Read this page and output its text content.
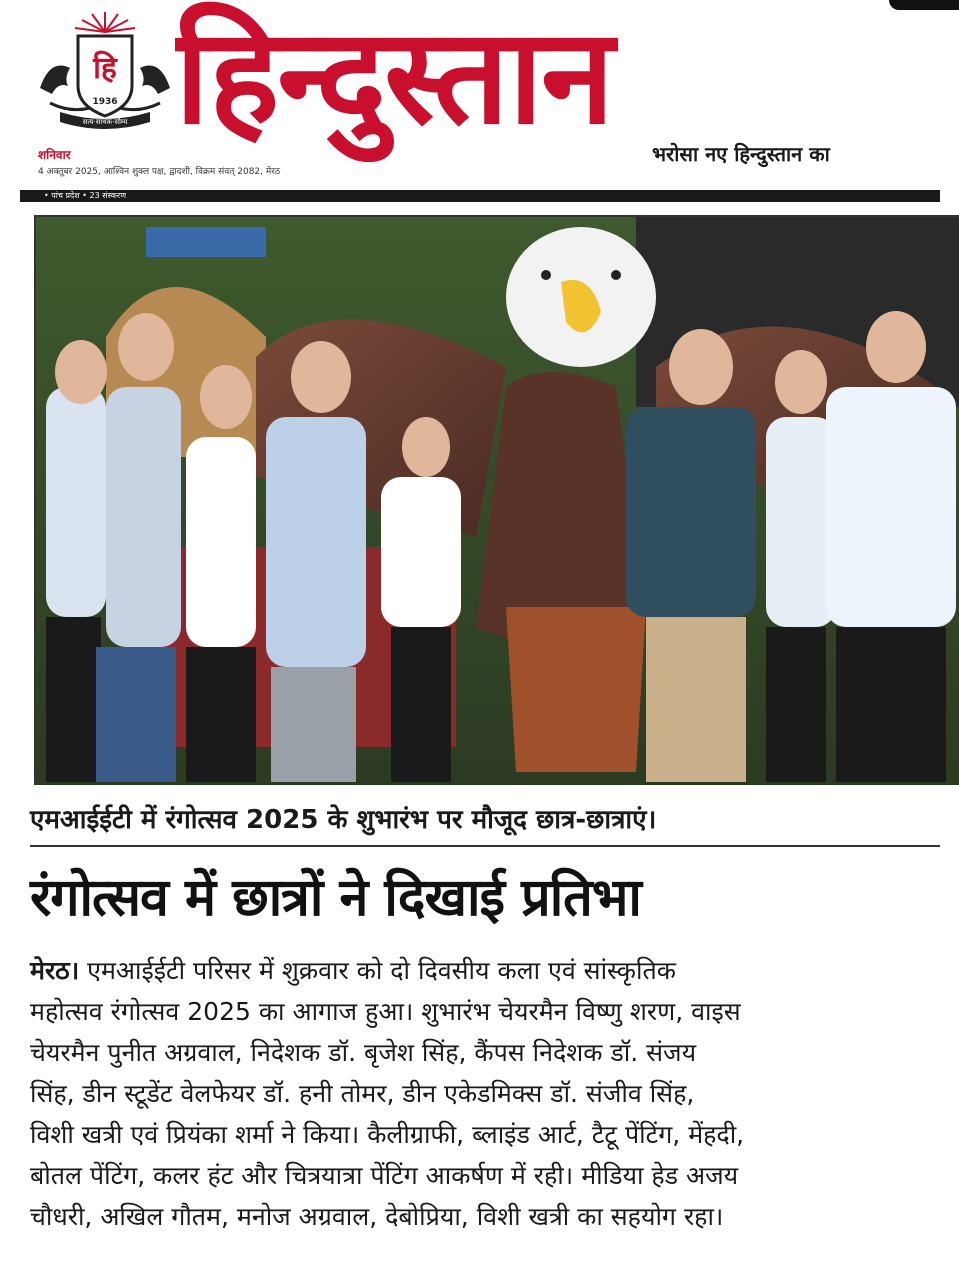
हि
1936
सत्य·सार्थक·सौम्य हिन्दुस्तान	भरोसा नए हिन्दुस्तान का
शनिवार
4 अक्तूबर 2025, आश्विन शुक्ल पक्ष, द्वादशी, विक्रम संवत् 2082, मेरठ
• पांच प्रदेश • 23 संस्करण
एमआईईटी में रंगोत्सव 2025 के शुभारंभ पर मौजूद छात्र-छात्राएं।
रंगोत्सव में छात्रों ने दिखाई प्रतिभा
मेरठ। एमआईईटी परिसर में शुक्रवार को दो दिवसीय कला एवं सांस्कृतिक
महोत्सव रंगोत्सव 2025 का आगाज हुआ। शुभारंभ चेयरमैन विष्णु शरण, वाइस
चेयरमैन पुनीत अग्रवाल, निदेशक डॉ. बृजेश सिंह, कैंपस निदेशक डॉ. संजय
सिंह, डीन स्टूडेंट वेलफेयर डॉ. हनी तोमर, डीन एकेडमिक्स डॉ. संजीव सिंह,
विशी खत्री एवं प्रियंका शर्मा ने किया। कैलीग्राफी, ब्लाइंड आर्ट, टैटू पेंटिंग, मेंहदी,
बोतल पेंटिंग, कलर हंट और चित्रयात्रा पेंटिंग आकर्षण में रही। मीडिया हेड अजय
चौधरी, अखिल गौतम, मनोज अग्रवाल, देबोप्रिया, विशी खत्री का सहयोग रहा।
